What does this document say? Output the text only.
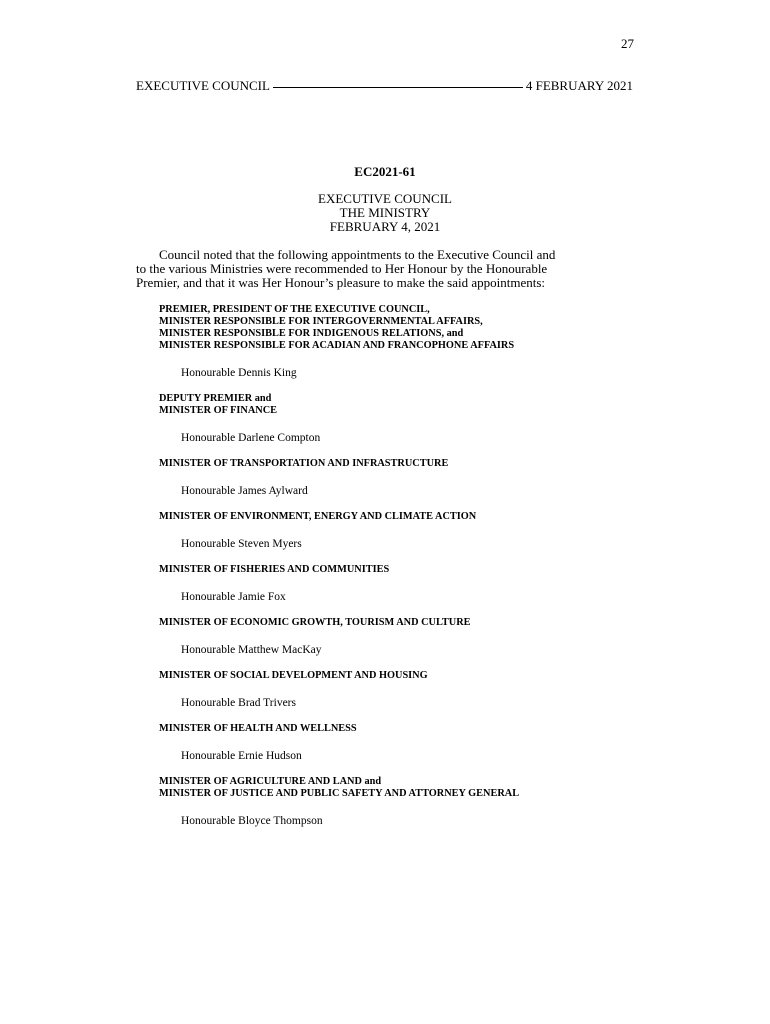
27
EXECUTIVE COUNCIL	4 FEBRUARY 2021
EC2021-61
EXECUTIVE COUNCIL
THE MINISTRY
FEBRUARY 4, 2021
Council noted that the following appointments to the Executive Council and
to the various Ministries were recommended to Her Honour by the Honourable
Premier, and that it was Her Honour’s pleasure to make the said appointments:
PREMIER, PRESIDENT OF THE EXECUTIVE COUNCIL,
MINISTER RESPONSIBLE FOR INTERGOVERNMENTAL AFFAIRS,
MINISTER RESPONSIBLE FOR INDIGENOUS RELATIONS, and
MINISTER RESPONSIBLE FOR ACADIAN AND FRANCOPHONE AFFAIRS
Honourable Dennis King
DEPUTY PREMIER and
MINISTER OF FINANCE
Honourable Darlene Compton
MINISTER OF TRANSPORTATION AND INFRASTRUCTURE
Honourable James Aylward
MINISTER OF ENVIRONMENT, ENERGY AND CLIMATE ACTION
Honourable Steven Myers
MINISTER OF FISHERIES AND COMMUNITIES
Honourable Jamie Fox
MINISTER OF ECONOMIC GROWTH, TOURISM AND CULTURE
Honourable Matthew MacKay
MINISTER OF SOCIAL DEVELOPMENT AND HOUSING
Honourable Brad Trivers
MINISTER OF HEALTH AND WELLNESS
Honourable Ernie Hudson
MINISTER OF AGRICULTURE AND LAND and
MINISTER OF JUSTICE AND PUBLIC SAFETY AND ATTORNEY GENERAL
Honourable Bloyce Thompson
